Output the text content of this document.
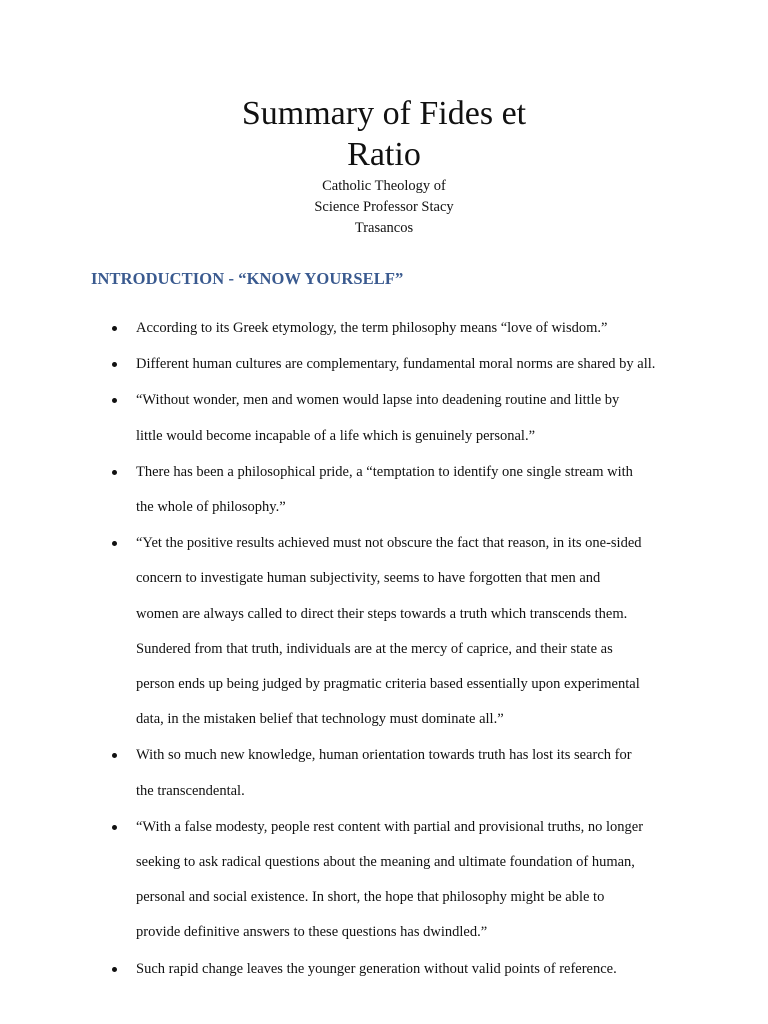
Summary of Fides et
Ratio
Catholic Theology of
Science Professor Stacy
Trasancos
INTRODUCTION - “KNOW YOURSELF”
According to its Greek etymology, the term philosophy means “love of wisdom.”
Different human cultures are complementary, fundamental moral norms are shared by all.
“Without wonder, men and women would lapse into deadening routine and little by
little would become incapable of a life which is genuinely personal.”
There has been a philosophical pride, a “temptation to identify one single stream with
the whole of philosophy.”
“Yet the positive results achieved must not obscure the fact that reason, in its one-sided
concern to investigate human subjectivity, seems to have forgotten that men and
women are always called to direct their steps towards a truth which transcends them.
Sundered from that truth, individuals are at the mercy of caprice, and their state as
person ends up being judged by pragmatic criteria based essentially upon experimental
data, in the mistaken belief that technology must dominate all.”
With so much new knowledge, human orientation towards truth has lost its search for
the transcendental.
“With a false modesty, people rest content with partial and provisional truths, no longer
seeking to ask radical questions about the meaning and ultimate foundation of human,
personal and social existence. In short, the hope that philosophy might be able to
provide definitive answers to these questions has dwindled.”
Such rapid change leaves the younger generation without valid points of reference.
